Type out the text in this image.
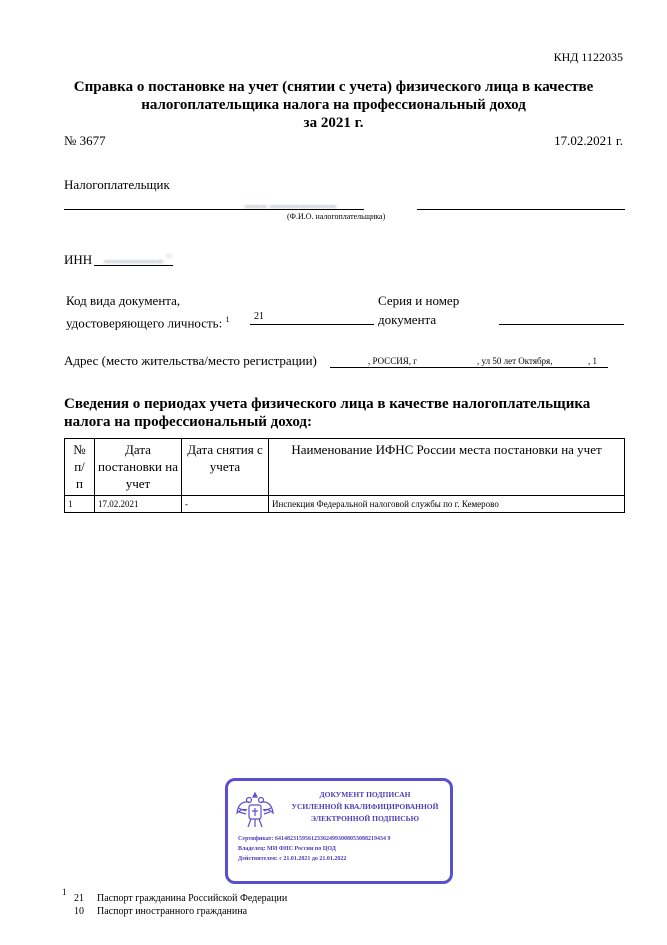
КНД 1122035
Справка о постановке на учет (снятии с учета) физического лица в качестве
налогоплательщика налога на профессиональный доход
за 2021 г.
№ 3677	17.02.2021 г.
Налогоплательщик
▁▁▁ ▁▁▁▁▁▁▁▁▁
(Ф.И.О. налогоплательщика)
ИНН ▁▁▁▁▁▁▁▁ ¹¹
Код вида документа,
удостоверяющего личность: $^1$ 21
Серия и номер
документа
Адрес (место жительства/место регистрации)	, РОССИЯ, г	, ул 50 лет Октября,	, 1
Сведения о периодах учета физического лица в качестве налогоплательщика
налога на профессиональный доход:
№ п/п	Дата постановки на учет	Дата снятия с учета	Наименование ИФНС России места постановки на учет
1	17.02.2021	-	Инспекция Федеральной налоговой службы по г. Кемерово
ДОКУМЕНТ ПОДПИСАН
УСИЛЕННОЙ КВАЛИФИЦИРОВАННОЙ
ЭЛЕКТРОННОЙ ПОДПИСЬЮ
Сертификат: 6414823159561233624993008053088219434 9
Владелец: МИ ФНС России по ЦОД
Действителен: с 21.01.2021 до 21.01.2022
1
21 Паспорт гражданина Российской Федерации
10 Паспорт иностранного гражданина
